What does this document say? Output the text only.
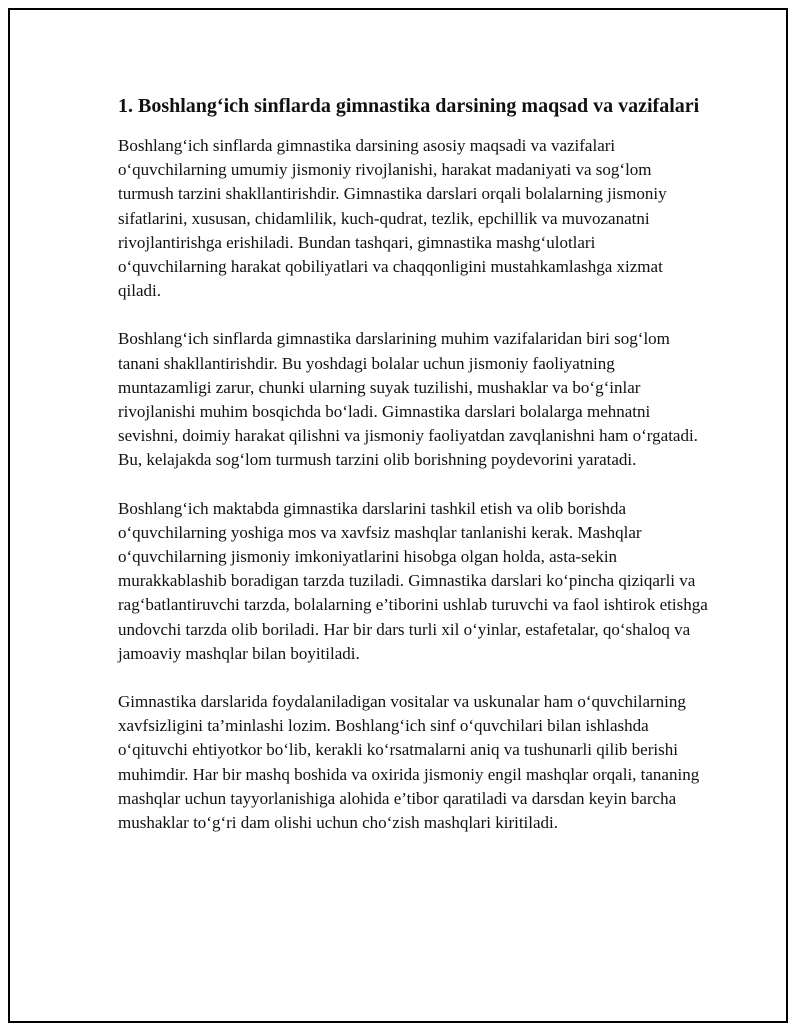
1. Boshlang‘ich sinflarda gimnastika darsining maqsad va vazifalari

Boshlang‘ich sinflarda gimnastika darsining asosiy maqsadi va vazifalari o‘quvchilarning umumiy jismoniy rivojlanishi, harakat madaniyati va sog‘lom turmush tarzini shakllantirishdir. Gimnastika darslari orqali bolalarning jismoniy sifatlarini, xususan, chidamlilik, kuch-qudrat, tezlik, epchillik va muvozanatni rivojlantirishga erishiladi. Bundan tashqari, gimnastika mashg‘ulotlari o‘quvchilarning harakat qobiliyatlari va chaqqonligini mustahkamlashga xizmat qiladi.

Boshlang‘ich sinflarda gimnastika darslarining muhim vazifalaridan biri sog‘lom tanani shakllantirishdir. Bu yoshdagi bolalar uchun jismoniy faoliyatning muntazamligi zarur, chunki ularning suyak tuzilishi, mushaklar va bo‘g‘inlar rivojlanishi muhim bosqichda bo‘ladi. Gimnastika darslari bolalarga mehnatni sevishni, doimiy harakat qilishni va jismoniy faoliyatdan zavqlanishni ham o‘rgatadi. Bu, kelajakda sog‘lom turmush tarzini olib borishning poydevorini yaratadi.

Boshlang‘ich maktabda gimnastika darslarini tashkil etish va olib borishda o‘quvchilarning yoshiga mos va xavfsiz mashqlar tanlanishi kerak. Mashqlar o‘quvchilarning jismoniy imkoniyatlarini hisobga olgan holda, asta-sekin murakkablashib boradigan tarzda tuziladi. Gimnastika darslari ko‘pincha qiziqarli va rag‘batlantiruvchi tarzda, bolalarning e’tiborini ushlab turuvchi va faol ishtirok etishga undovchi tarzda olib boriladi. Har bir dars turli xil o‘yinlar, estafetalar, qo‘shaloq va jamoaviy mashqlar bilan boyitiladi.

Gimnastika darslarida foydalaniladigan vositalar va uskunalar ham o‘quvchilarning xavfsizligini ta’minlashi lozim. Boshlang‘ich sinf o‘quvchilari bilan ishlashda o‘qituvchi ehtiyotkor bo‘lib, kerakli ko‘rsatmalarni aniq va tushunarli qilib berishi muhimdir. Har bir mashq boshida va oxirida jismoniy engil mashqlar orqali, tananing mashqlar uchun tayyorlanishiga alohida e’tibor qaratiladi va darsdan keyin barcha mushaklar to‘g‘ri dam olishi uchun cho‘zish mashqlari kiritiladi.
